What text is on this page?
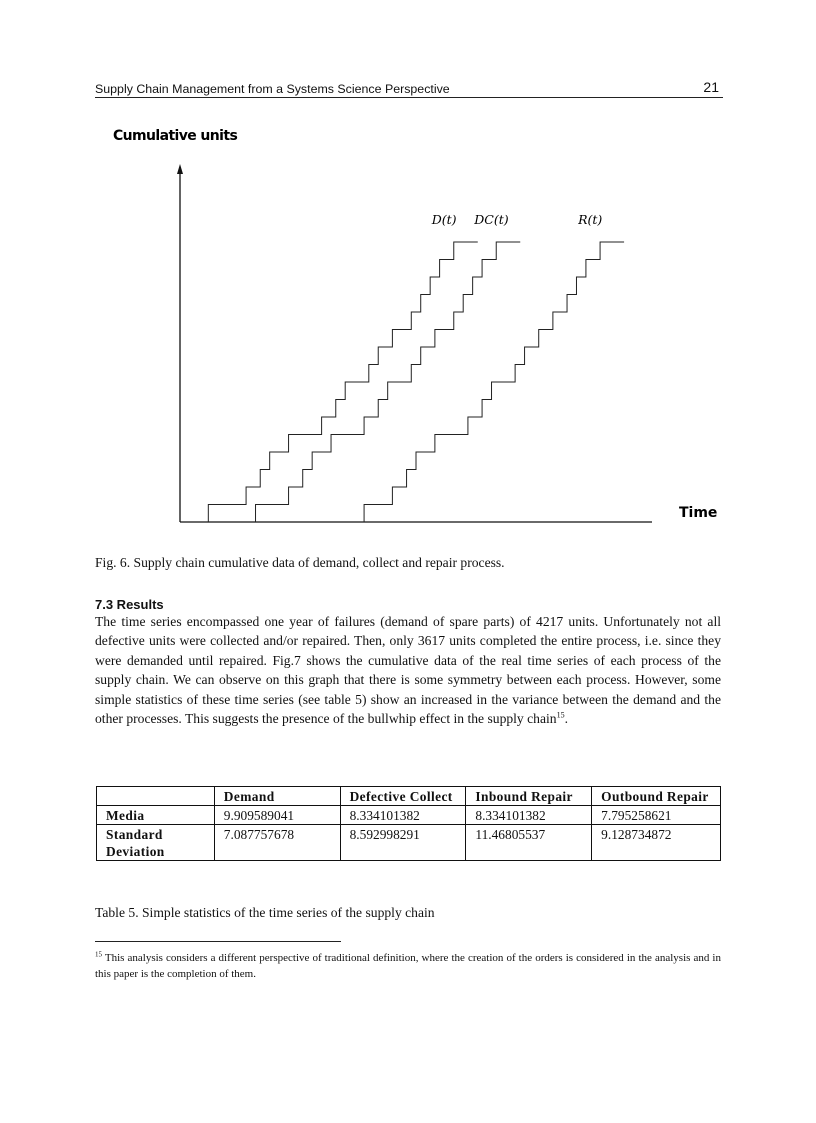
Supply Chain Management from a Systems Science Perspective	21
Cumulative units
Time
D(t) DC(t)	R(t)
Fig. 6. Supply chain cumulative data of demand, collect and repair process.
7.3 Results
The time series encompassed one year of failures (demand of spare parts) of 4217 units. Unfortunately not all defective units were collected and/or repaired. Then, only 3617 units completed the entire process, i.e. since they were demanded until repaired. Fig.7 shows the cumulative data of the real time series of each process of the supply chain. We can observe on this graph that there is some symmetry between each process. However, some simple statistics of these time series (see table 5) show an increased in the variance between the demand and the other processes. This suggests the presence of the bullwhip effect in the supply chain$^{15}$.
	Demand	Defective Collect	Inbound Repair	Outbound Repair
Media	9.909589041	8.334101382	8.334101382	7.795258621
Standard Deviation	7.087757678	8.592998291	11.46805537	9.128734872
Table 5. Simple statistics of the time series of the supply chain
$^{15}$ This analysis considers a different perspective of traditional definition, where the creation of the orders is considered in the analysis and in this paper is the completion of them.
